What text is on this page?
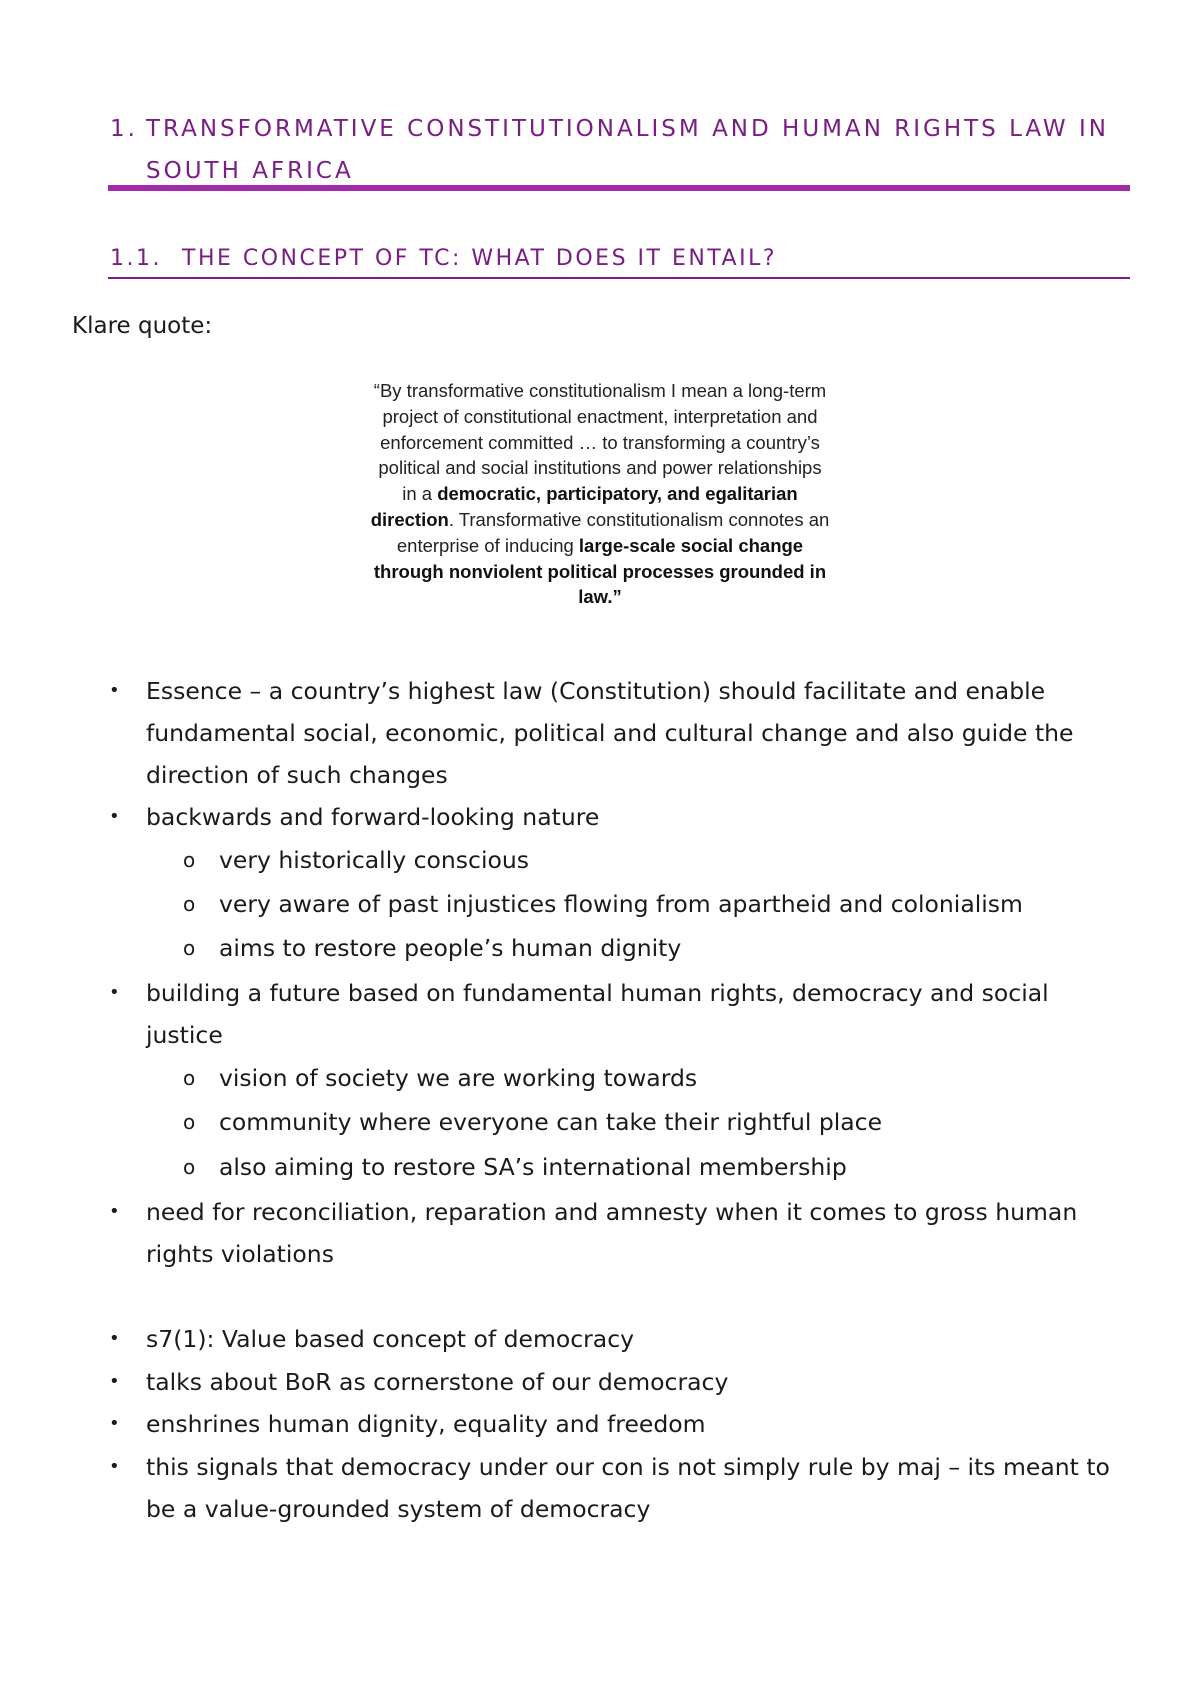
1. TRANSFORMATIVE CONSTITUTIONALISM AND HUMAN RIGHTS LAW IN SOUTH AFRICA
1.1. THE CONCEPT OF TC: WHAT DOES IT ENTAIL?
Klare quote:
“By transformative constitutionalism I mean a long-term project of constitutional enactment, interpretation and enforcement committed … to transforming a country’s political and social institutions and power relationships in a democratic, participatory, and egalitarian direction. Transformative constitutionalism connotes an enterprise of inducing large-scale social change through nonviolent political processes grounded in law.”
• Essence – a country’s highest law (Constitution) should facilitate and enable fundamental social, economic, political and cultural change and also guide the direction of such changes
• backwards and forward-looking nature
o very historically conscious
o very aware of past injustices flowing from apartheid and colonialism
o aims to restore people’s human dignity
• building a future based on fundamental human rights, democracy and social justice
o vision of society we are working towards
o community where everyone can take their rightful place
o also aiming to restore SA’s international membership
• need for reconciliation, reparation and amnesty when it comes to gross human rights violations
• s7(1): Value based concept of democracy
• talks about BoR as cornerstone of our democracy
• enshrines human dignity, equality and freedom
• this signals that democracy under our con is not simply rule by maj – its meant to be a value-grounded system of democracy
